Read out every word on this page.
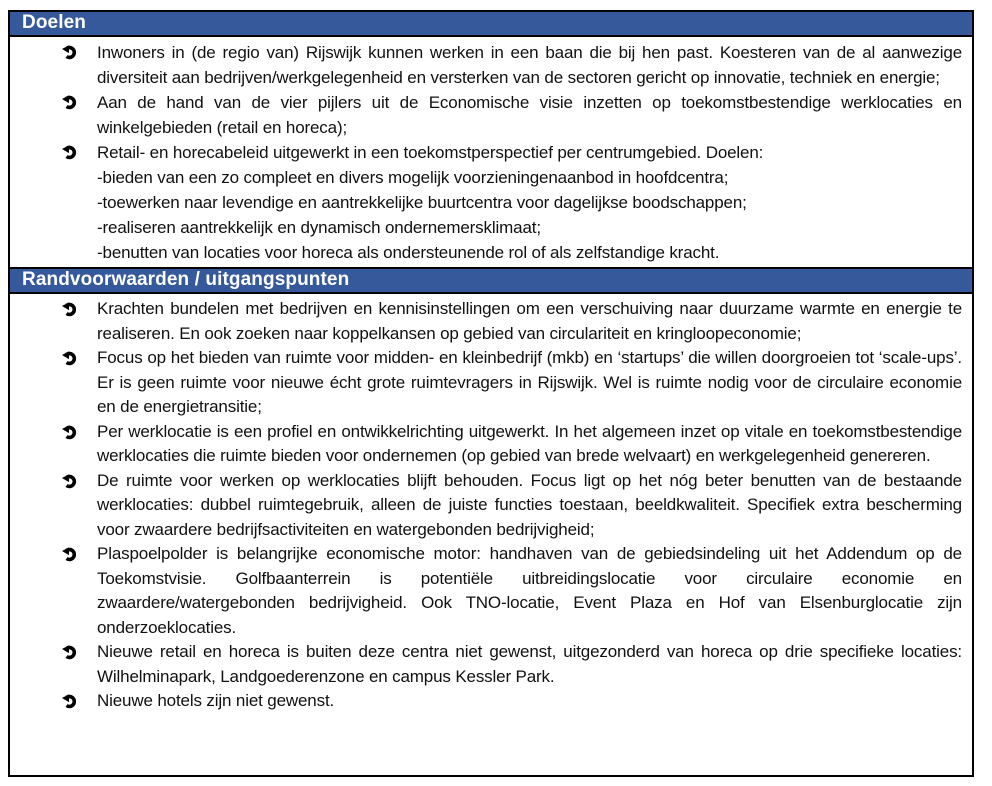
Doelen

Inwoners in (de regio van) Rijswijk kunnen werken in een baan die bij hen past. Koesteren van de al aanwezige diversiteit aan bedrijven/werkgelegenheid en versterken van de sectoren gericht op innovatie, techniek en energie;

Aan de hand van de vier pijlers uit de Economische visie inzetten op toekomstbestendige werklocaties en winkelgebieden (retail en horeca);

Retail- en horecabeleid uitgewerkt in een toekomstperspectief per centrumgebied. Doelen:

-bieden van een zo compleet en divers mogelijk voorzieningenaanbod in hoofdcentra;

-toewerken naar levendige en aantrekkelijke buurtcentra voor dagelijkse boodschappen;

-realiseren aantrekkelijk en dynamisch ondernemersklimaat;

-benutten van locaties voor horeca als ondersteunende rol of als zelfstandige kracht.

Randvoorwaarden / uitgangspunten

Krachten bundelen met bedrijven en kennisinstellingen om een verschuiving naar duurzame warmte en energie te realiseren. En ook zoeken naar koppelkansen op gebied van circulariteit en kringloopeconomie;

Focus op het bieden van ruimte voor midden- en kleinbedrijf (mkb) en ‘startups’ die willen doorgroeien tot ‘scale-ups’. Er is geen ruimte voor nieuwe écht grote ruimtevragers in Rijswijk. Wel is ruimte nodig voor de circulaire economie en de energietransitie;

Per werklocatie is een profiel en ontwikkelrichting uitgewerkt. In het algemeen inzet op vitale en toekomstbestendige werklocaties die ruimte bieden voor ondernemen (op gebied van brede welvaart) en werkgelegenheid genereren.

De ruimte voor werken op werklocaties blijft behouden. Focus ligt op het nóg beter benutten van de bestaande werklocaties: dubbel ruimtegebruik, alleen de juiste functies toestaan, beeldkwaliteit. Specifiek extra bescherming voor zwaardere bedrijfsactiviteiten en watergebonden bedrijvigheid;

Plaspoelpolder is belangrijke economische motor: handhaven van de gebiedsindeling uit het Addendum op de Toekomstvisie. Golfbaanterrein is potentiële uitbreidingslocatie voor circulaire economie en zwaardere/watergebonden bedrijvigheid. Ook TNO-locatie, Event Plaza en Hof van Elsenburglocatie zijn onderzoeklocaties.

Nieuwe retail en horeca is buiten deze centra niet gewenst, uitgezonderd van horeca op drie specifieke locaties: Wilhelminapark, Landgoederenzone en campus Kessler Park.

Nieuwe hotels zijn niet gewenst.
